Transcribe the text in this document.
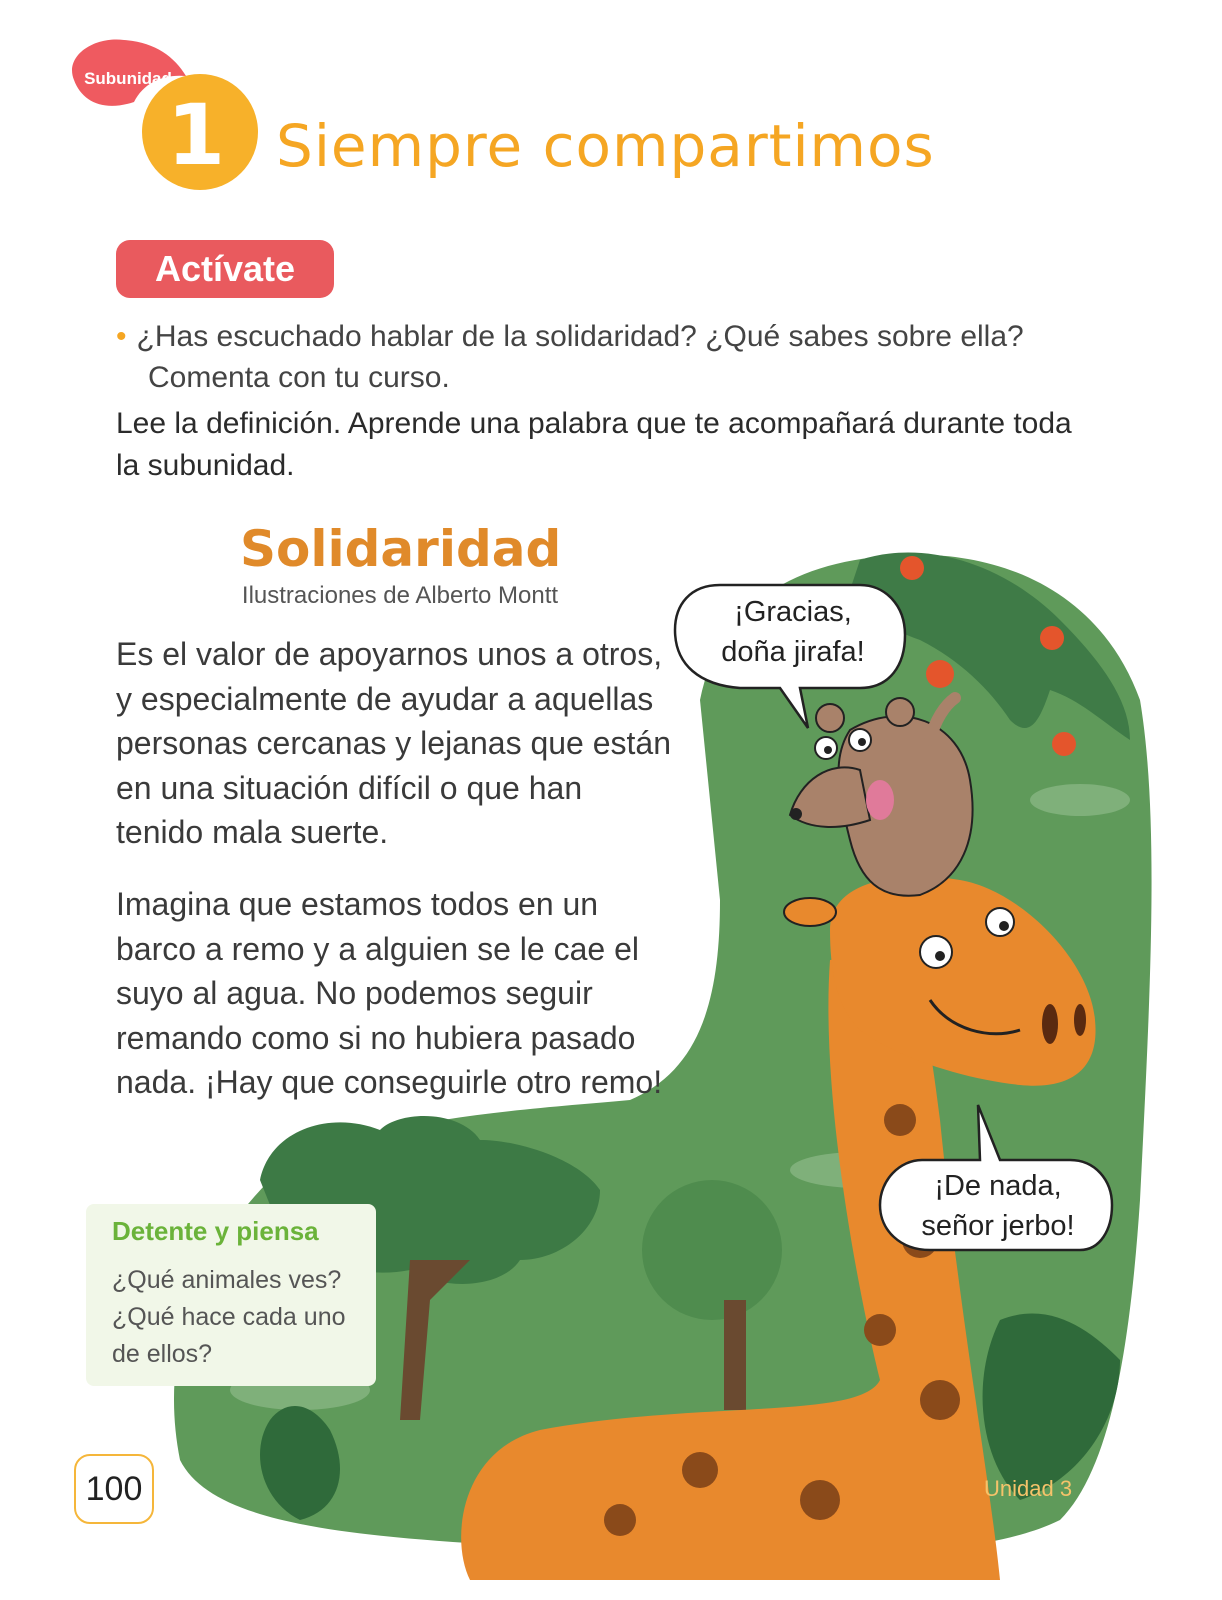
Subunidad
1 Siempre compartimos
Actívate
• ¿Has escuchado hablar de la solidaridad? ¿Qué sabes sobre ella?
Comenta con tu curso.
Lee la definición. Aprende una palabra que te acompañará durante toda la subunidad.
¡Gracias,
doña jirafa!
¡De nada,
señor jerbo!
Solidaridad
Ilustraciones de Alberto Montt
Es el valor de apoyarnos unos a otros, y especialmente de ayudar a aquellas personas cercanas y lejanas que están en una situación difícil o que han tenido mala suerte.
Imagina que estamos todos en un barco a remo y a alguien se le cae el suyo al agua. No podemos seguir remando como si no hubiera pasado nada. ¡Hay que conseguirle otro remo!
Detente y piensa
¿Qué animales ves? ¿Qué hace cada uno de ellos?
100	Unidad 3
